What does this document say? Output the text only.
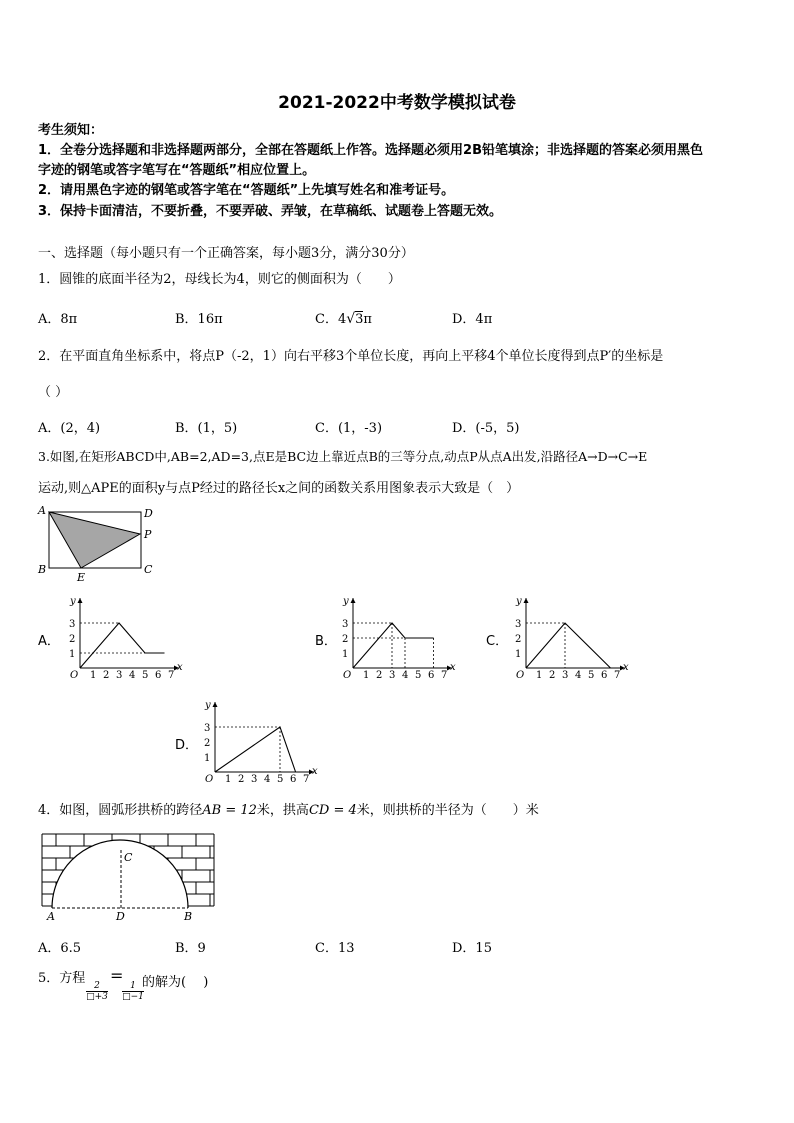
2021-2022中考数学模拟试卷
考生须知：
1．全卷分选择题和非选择题两部分，全部在答题纸上作答。选择题必须用2B铅笔填涂；非选择题的答案必须用黑色
字迹的钢笔或答字笔写在“答题纸”相应位置上。
2．请用黑色字迹的钢笔或答字笔在“答题纸”上先填写姓名和准考证号。
3．保持卡面清洁，不要折叠，不要弄破、弄皱，在草稿纸、试题卷上答题无效。
一、选择题（每小题只有一个正确答案，每小题3分，满分30分）
1．圆锥的底面半径为2，母线长为4，则它的侧面积为（　　）
A．8π	B．16π	C．4√3π	D．4π
2．在平面直角坐标系中，将点P（-2，1）向右平移3个单位长度，再向上平移4个单位长度得到点P′的坐标是
（ ）
A．(2，4)	B．(1，5)	C．(1，-3)	D．(-5，5)
3.如图,在矩形ABCD中,AB=2,AD=3,点E是BC边上靠近点B的三等分点,动点P从点A出发,沿路径A→D→C→E
运动,则△APE的面积y与点P经过的路径长x之间的函数关系用图象表示大致是（　）
A	D
P
B	C
E
A．	B．	C．
D．
y
x
O 1 2 3 4 5 6 7
1
2
3
y
x
O 1 2 3 4 5 6 7
1
2
3
y
x
O 1 2 3 4 5 6 7
1
2
3
y
x
O 1 2 3 4 5 6 7
1
2
3
4．如图，圆弧形拱桥的跨径AB = 12米，拱高CD = 4米，则拱桥的半径为（　　）米
A	D	B
C
A．6.5	B．9	C．13	D．15
5．方程
$\frac{2}{□+3}$
=
$\frac{1}{□-1}$
的解为(　 )
